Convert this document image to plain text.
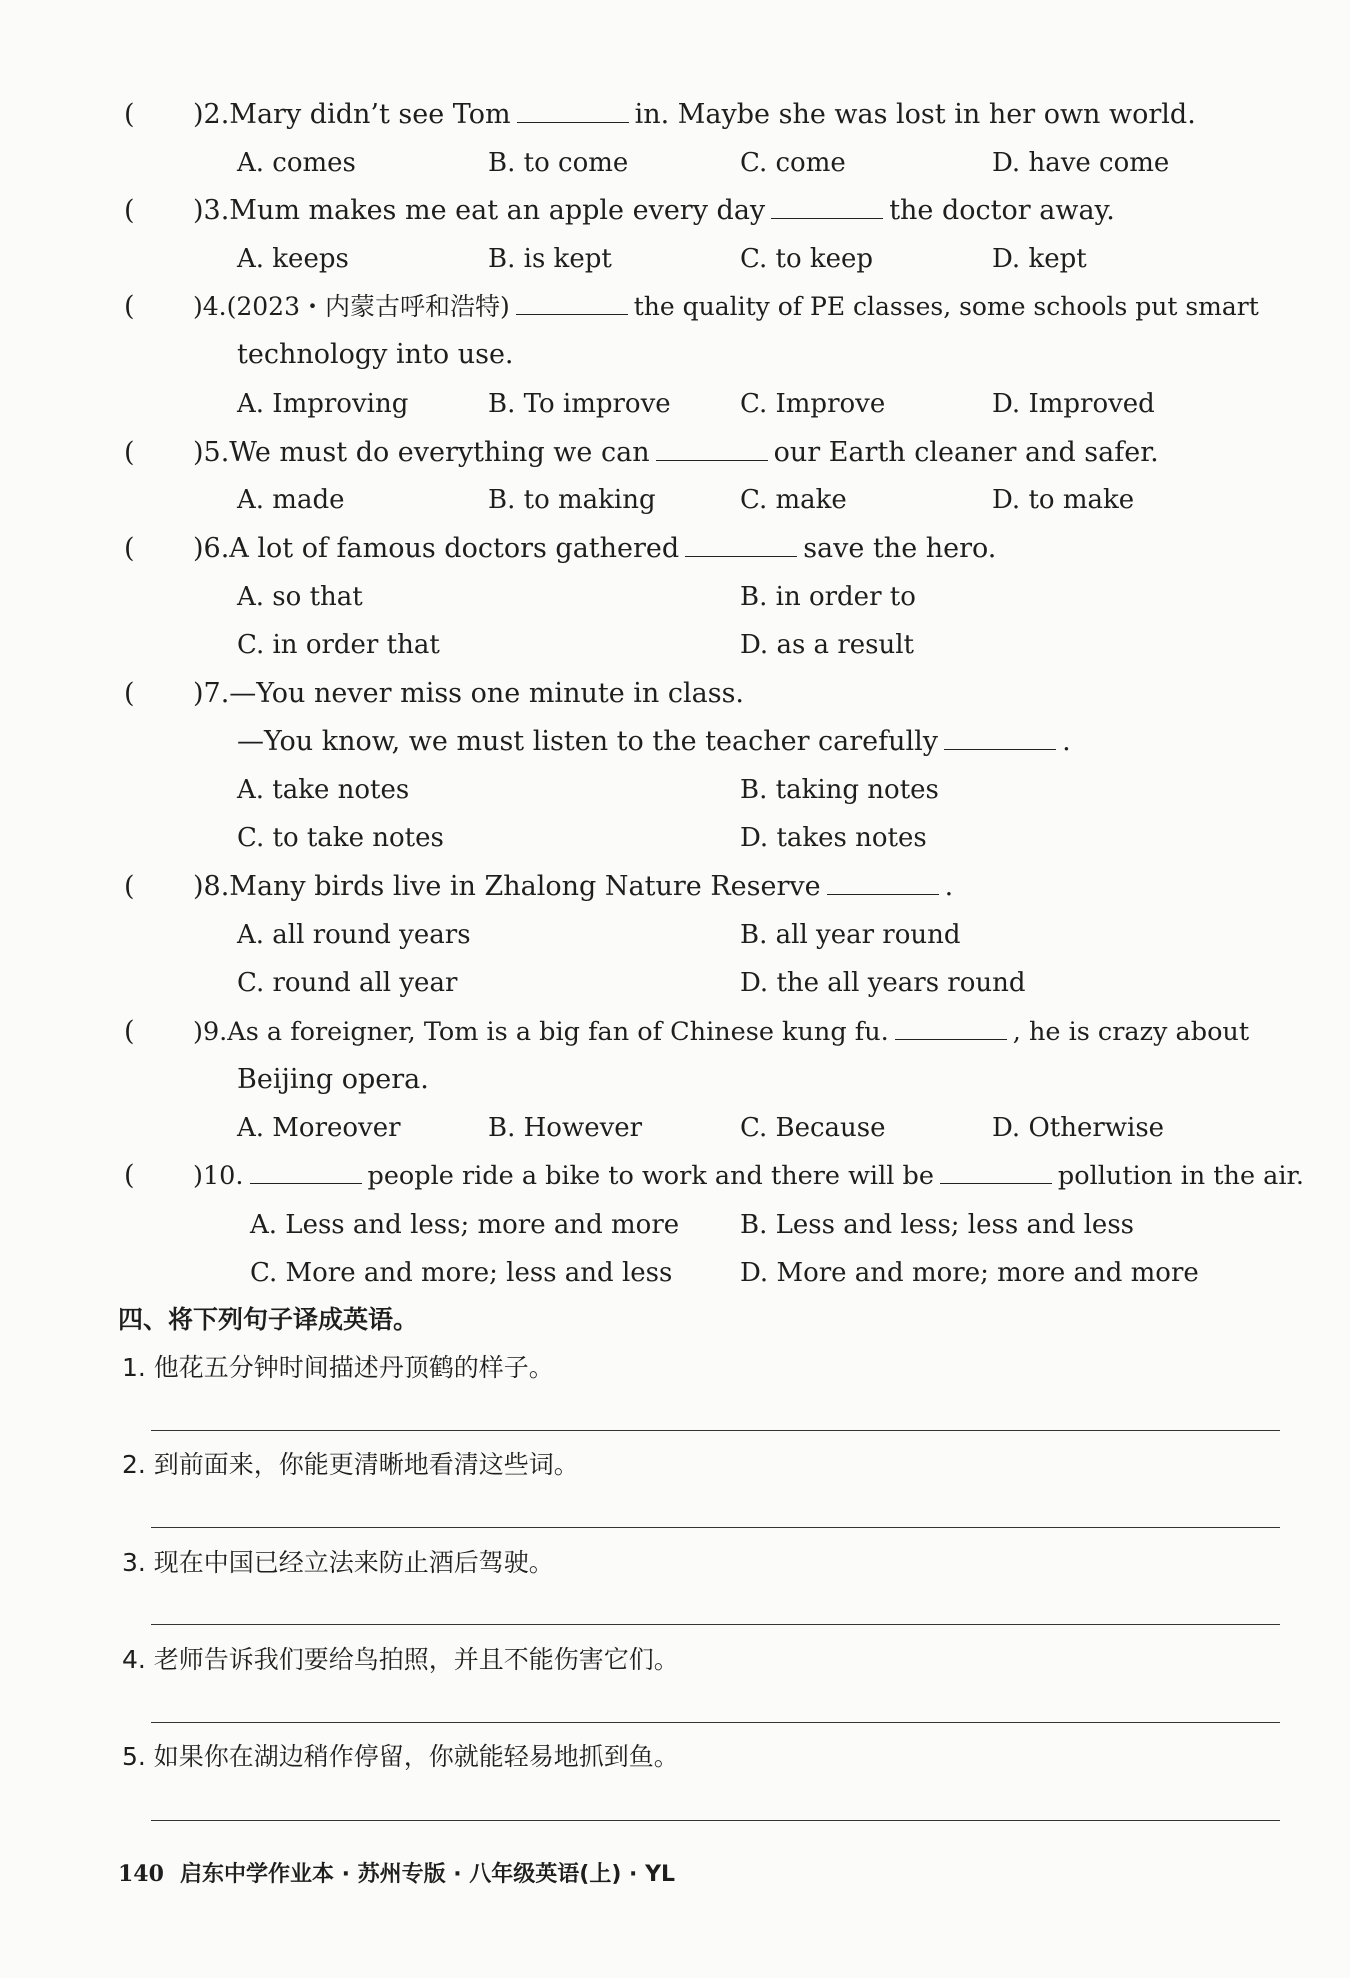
( )2.Mary didn’t see Tom	in. Maybe she was lost in her own world.
A. comes	B. to come	C. come	D. have come
( )3.Mum makes me eat an apple every day	the doctor away.
A. keeps	B. is kept	C. to keep	D. kept
( )4.(2023・内蒙古呼和浩特)	the quality of PE classes, some schools put smart
technology into use.
A. Improving	B. To improve	C. Improve	D. Improved
( )5.We must do everything we can	our Earth cleaner and safer.
A. made	B. to making	C. make	D. to make
( )6.A lot of famous doctors gathered	save the hero.
A. so that	B. in order to
C. in order that	D. as a result
( )7.—You never miss one minute in class.
—You know, we must listen to the teacher carefully	.
A. take notes	B. taking notes
C. to take notes	D. takes notes
( )8.Many birds live in Zhalong Nature Reserve	.
A. all round years	B. all year round
C. round all year	D. the all years round
( )9.As a foreigner, Tom is a big fan of Chinese kung fu.	, he is crazy about
Beijing opera.
A. Moreover	B. However	C. Because	D. Otherwise
( )10.	people ride a bike to work and there will be	pollution in the air.
A. Less and less; more and more B. Less and less; less and less
C. More and more; less and less	D. More and more; more and more
四、将下列句子译成英语。
1. 他花五分钟时间描述丹顶鹤的样子。
2. 到前面来，你能更清晰地看清这些词。
3. 现在中国已经立法来防止酒后驾驶。
4. 老师告诉我们要给鸟拍照，并且不能伤害它们。
5. 如果你在湖边稍作停留，你就能轻易地抓到鱼。
140 启东中学作业本 · 苏州专版 · 八年级英语(上) · YL
